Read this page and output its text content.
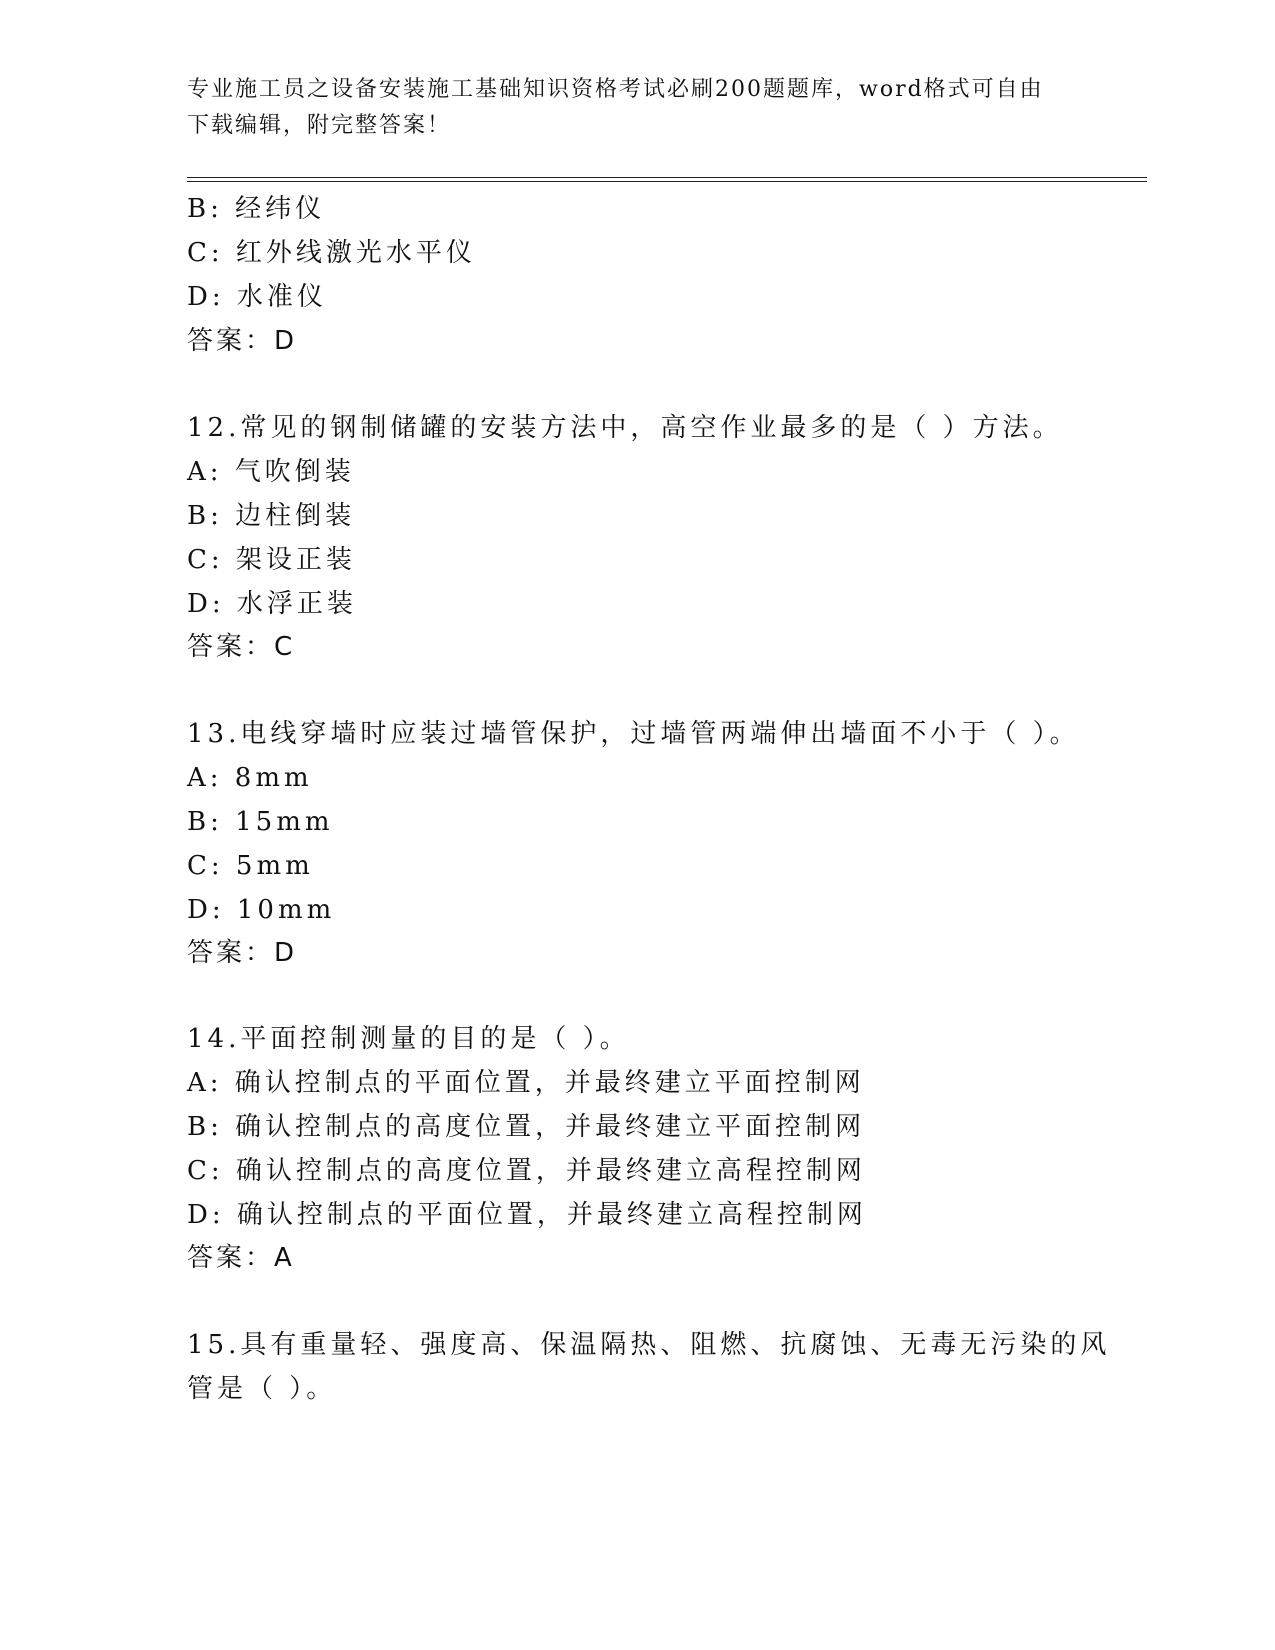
专业施工员之设备安装施工基础知识资格考试必刷200题题库，word格式可自由
下载编辑，附完整答案！
B: 经纬仪
C: 红外线激光水平仪
D: 水准仪
答案：D
12.常见的钢制储罐的安装方法中，高空作业最多的是（ ）方法。
A: 气吹倒装
B: 边柱倒装
C: 架设正装
D: 水浮正装
答案：C
13.电线穿墙时应装过墙管保护，过墙管两端伸出墙面不小于（ ）。
A: 8mm
B: 15mm
C: 5mm
D: 10mm
答案：D
14.平面控制测量的目的是（ ）。
A: 确认控制点的平面位置，并最终建立平面控制网
B: 确认控制点的高度位置，并最终建立平面控制网
C: 确认控制点的高度位置，并最终建立高程控制网
D: 确认控制点的平面位置，并最终建立高程控制网
答案：A
15.具有重量轻、强度高、保温隔热、阻燃、抗腐蚀、无毒无污染的风
管是（ ）。
